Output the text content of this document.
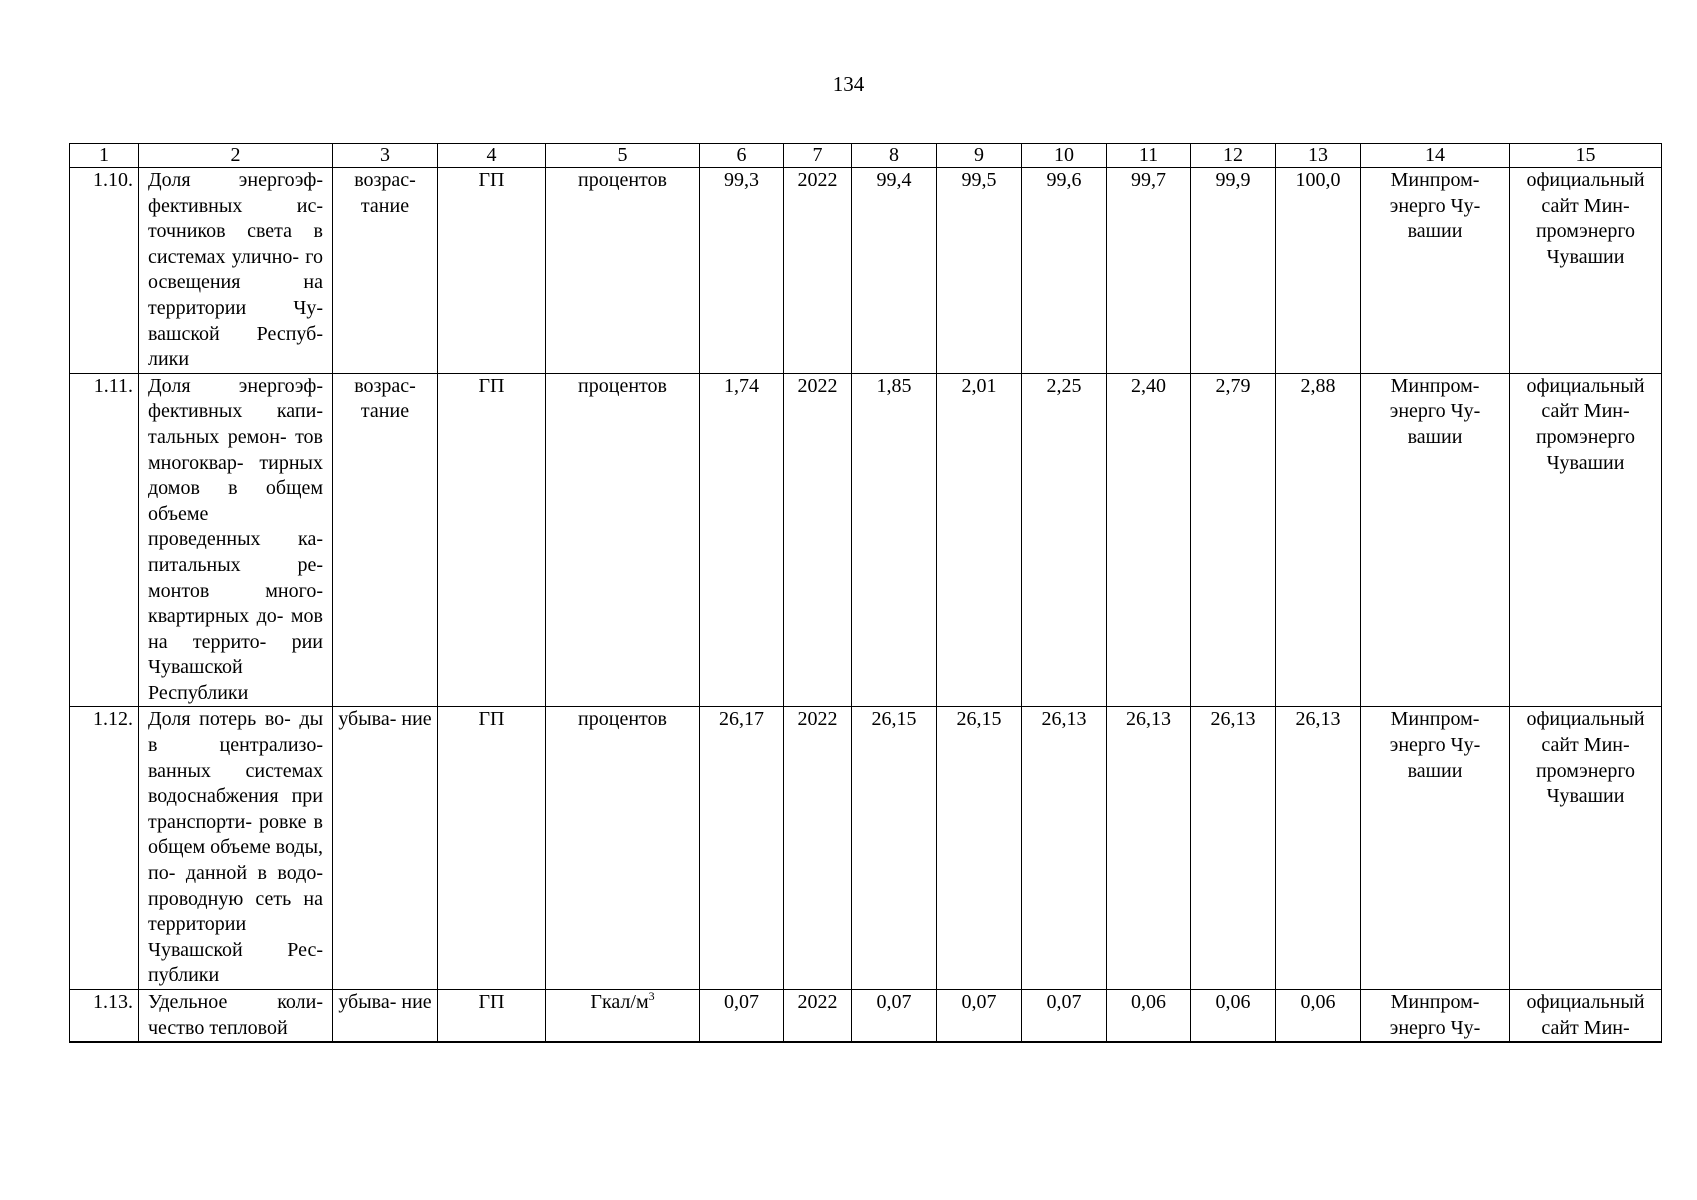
134
1	2	3	4	5	6	7	8	9	10	11	12	13	14	15
1.10.	Доля энергоэф- фективных ис- точников света в системах улично- го освещения на территории Чу- вашской Респуб- лики	возрас- тание	ГП	процентов	99,3	2022	99,4	99,5	99,6	99,7	99,9	100,0	Минпром- энерго Чу- вашии	официальный сайт Мин- промэнерго Чувашии
1.11.	Доля энергоэф- фективных капи- тальных ремон- тов многоквар- тирных домов в общем объеме проведенных ка- питальных ре- монтов много- квартирных до- мов на террито- рии Чувашской Республики	возрас- тание	ГП	процентов	1,74	2022	1,85	2,01	2,25	2,40	2,79	2,88	Минпром- энерго Чу- вашии	официальный сайт Мин- промэнерго Чувашии
1.12.	Доля потерь во- ды в централизо- ванных системах водоснабжения при транспорти- ровке в общем объеме воды, по- данной в водо- проводную сеть на территории Чувашской Рес- публики	убыва- ние	ГП	процентов	26,17	2022	26,15	26,15	26,13	26,13	26,13	26,13	Минпром- энерго Чу- вашии	официальный сайт Мин- промэнерго Чувашии
1.13.	Удельное коли- чество тепловой	убыва- ние	ГП	Гкал/$м^3$	0,07	2022	0,07	0,07	0,07	0,06	0,06	0,06	Минпром- энерго Чу-	официальный сайт Мин-
